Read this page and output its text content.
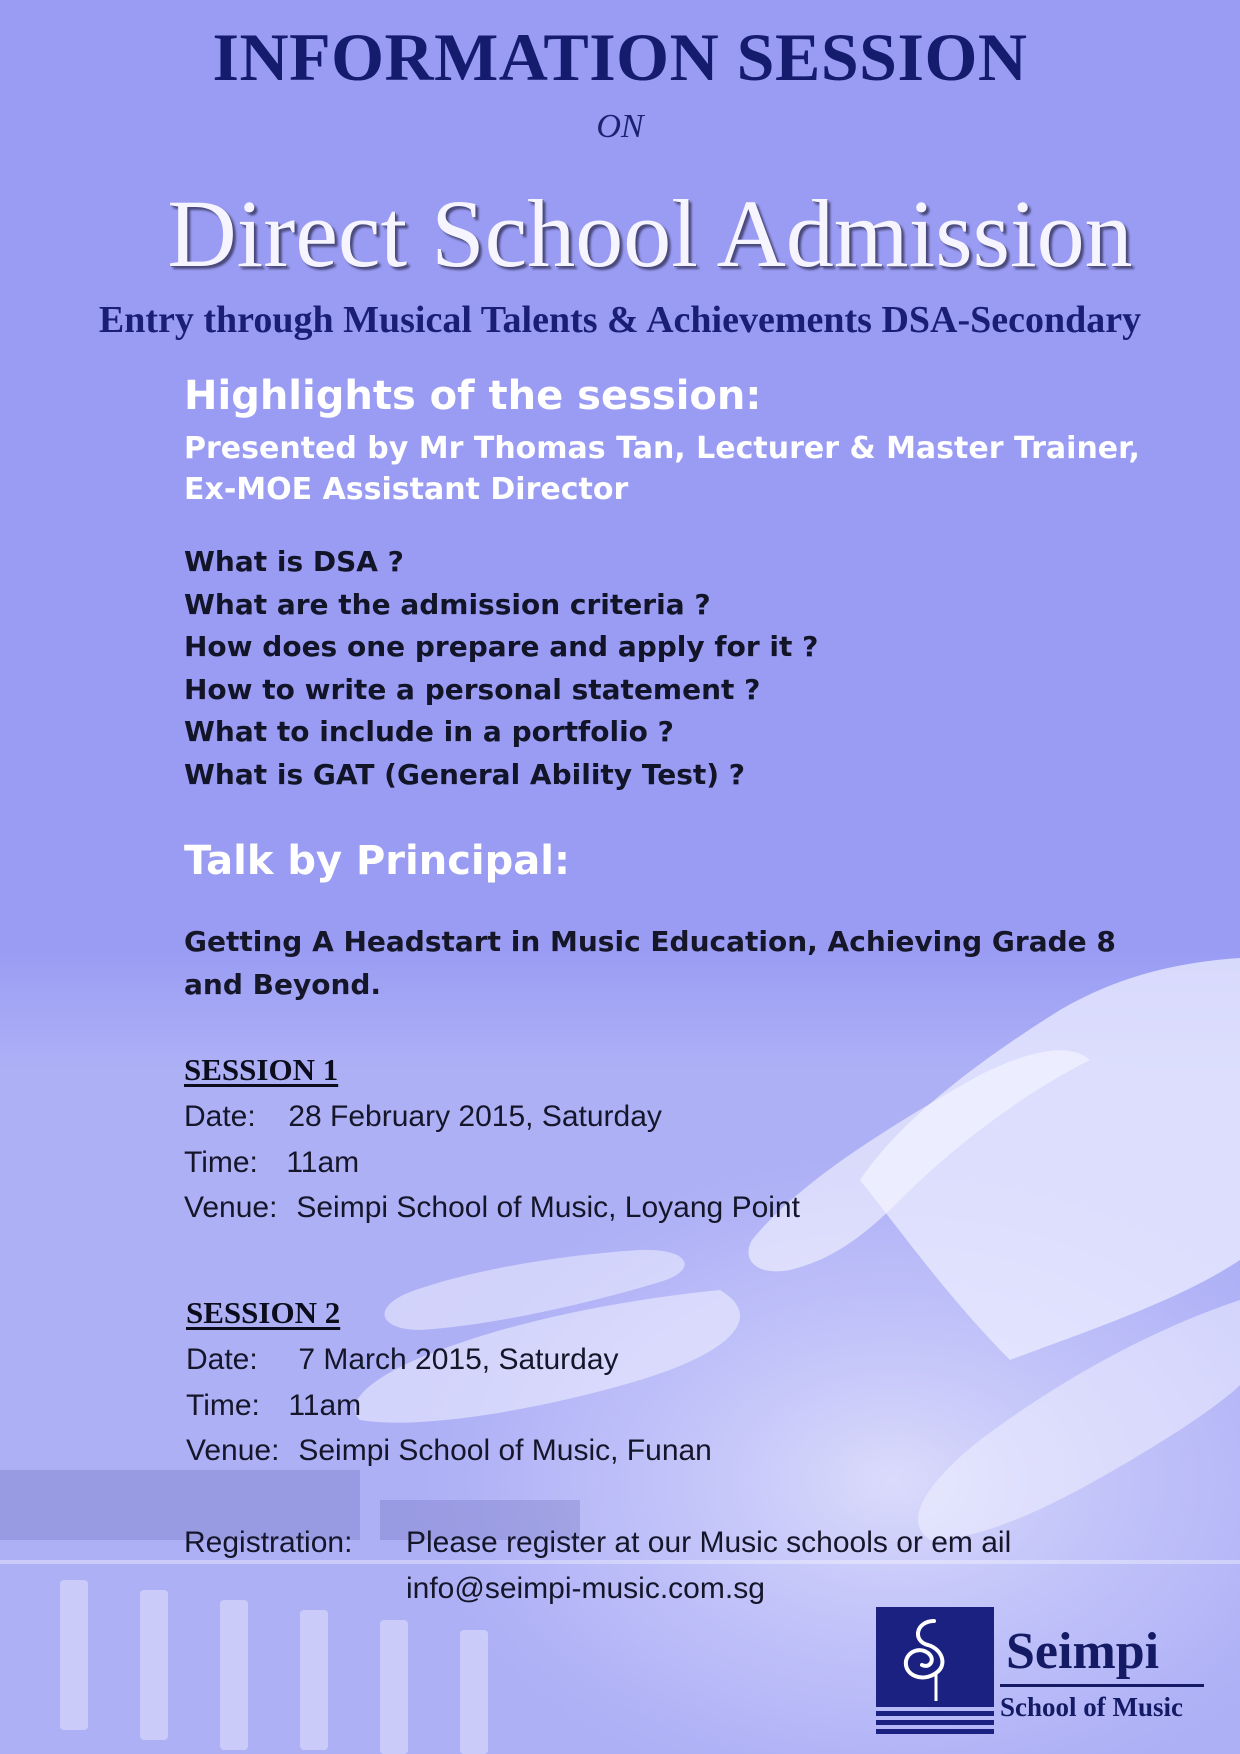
INFORMATION SESSION
ON
Direct School Admission
Entry through Musical Talents & Achievements DSA-Secondary
Highlights of the session:
Presented by Mr Thomas Tan, Lecturer & Master Trainer,
Ex-MOE Assistant Director
What is DSA ?
What are the admission criteria ?
How does one prepare and apply for it ?
How to write a personal statement ?
What to include in a portfolio ?
What is GAT (General Ability Test) ?
Talk by Principal:
Getting A Headstart in Music Education, Achieving Grade 8
and Beyond.
SESSION 1
Date: 28 February 2015, Saturday
Time: 11am
Venue: Seimpi School of Music, Loyang Point
SESSION 2
Date: 7 March 2015, Saturday
Time: 11am
Venue: Seimpi School of Music, Funan
Registration: Please register at our Music schools or em ail
info@seimpi-music.com.sg
Seimpi
School of Music
